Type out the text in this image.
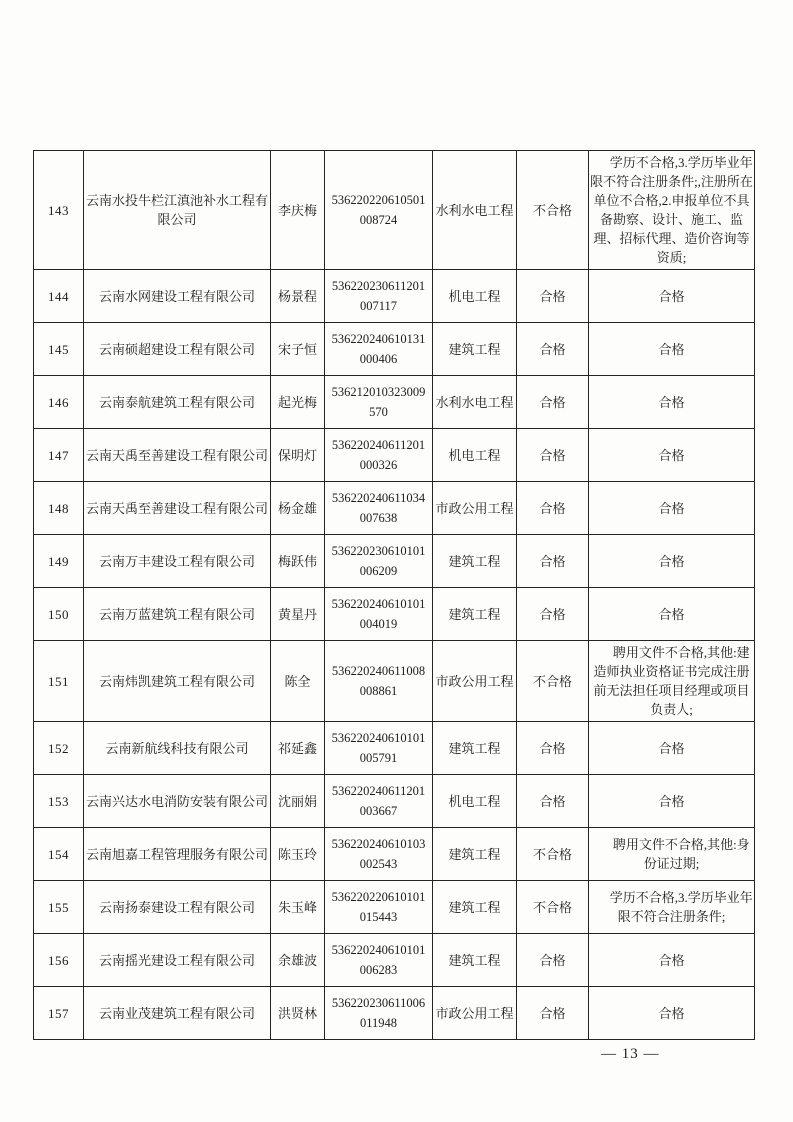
143	云南水投牛栏江滇池补水工程有限公司	李庆梅	536220220610501008724	水利水电工程	不合格	学历不合格,3.学历毕业年限不符合注册条件;,注册所在单位不合格,2.申报单位不具备勘察、设计、施工、监理、招标代理、造价咨询等资质;
144	云南水网建设工程有限公司	杨景程	536220230611201007117	机电工程	合格	合格
145	云南硕超建设工程有限公司	宋子恒	536220240610131000406	建筑工程	合格	合格
146	云南泰航建筑工程有限公司	起光梅	536212010323009570	水利水电工程	合格	合格
147	云南天禹至善建设工程有限公司	保明灯	536220240611201000326	机电工程	合格	合格
148	云南天禹至善建设工程有限公司	杨金雄	536220240611034007638	市政公用工程	合格	合格
149	云南万丰建设工程有限公司	梅跃伟	536220230610101006209	建筑工程	合格	合格
150	云南万蓝建筑工程有限公司	黄星丹	536220240610101004019	建筑工程	合格	合格
151	云南炜凯建筑工程有限公司	陈全	536220240611008008861	市政公用工程	不合格	聘用文件不合格,其他:建造师执业资格证书完成注册前无法担任项目经理或项目负责人;
152	云南新航线科技有限公司	祁延鑫	536220240610101005791	建筑工程	合格	合格
153	云南兴达水电消防安装有限公司	沈丽娟	536220240611201003667	机电工程	合格	合格
154	云南旭嘉工程管理服务有限公司	陈玉玲	536220240610103002543	建筑工程	不合格	聘用文件不合格,其他:身份证过期;
155	云南扬泰建设工程有限公司	朱玉峰	536220220610101015443	建筑工程	不合格	学历不合格,3.学历毕业年限不符合注册条件;
156	云南摇光建设工程有限公司	余雄波	536220240610101006283	建筑工程	合格	合格
157	云南业茂建筑工程有限公司	洪贤林	536220230611006011948	市政公用工程	合格	合格
— 13 —
